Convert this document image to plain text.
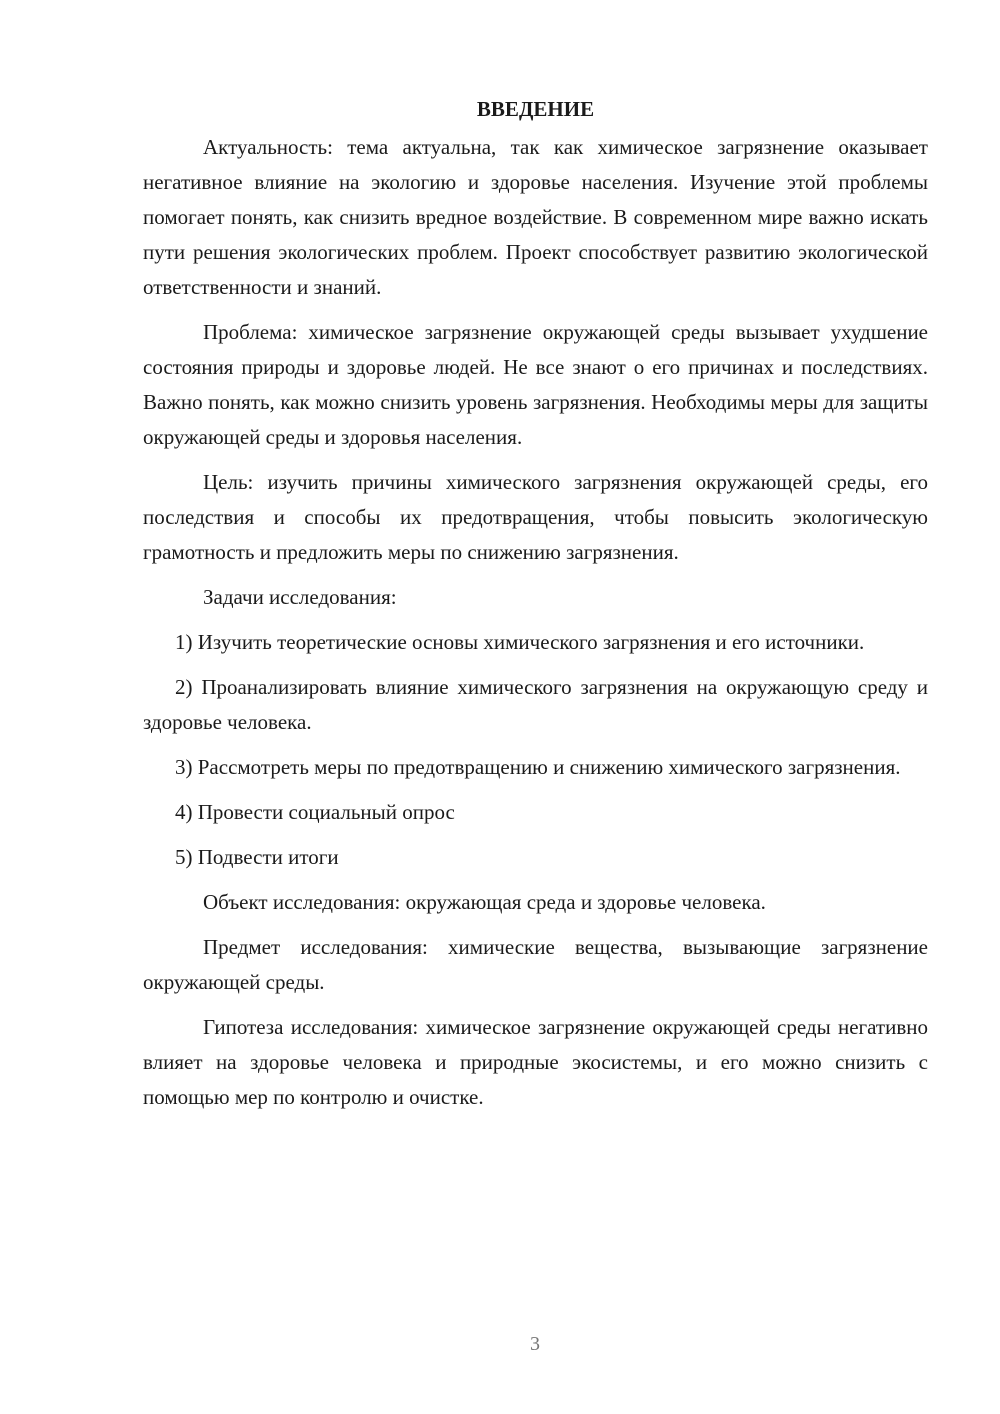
ВВЕДЕНИЕ

Актуальность: тема актуальна, так как химическое загрязнение оказывает негативное влияние на экологию и здоровье населения. Изучение этой проблемы помогает понять, как снизить вредное воздействие. В современном мире важно искать пути решения экологических проблем. Проект способствует развитию экологической ответственности и знаний.

Проблема: химическое загрязнение окружающей среды вызывает ухудшение состояния природы и здоровье людей. Не все знают о его причинах и последствиях. Важно понять, как можно снизить уровень загрязнения. Необходимы меры для защиты окружающей среды и здоровья населения.

Цель: изучить причины химического загрязнения окружающей среды, его последствия и способы их предотвращения, чтобы повысить экологическую грамотность и предложить меры по снижению загрязнения.

Задачи исследования:

1) Изучить теоретические основы химического загрязнения и его источники.

2) Проанализировать влияние химического загрязнения на окружающую среду и здоровье человека.

3) Рассмотреть меры по предотвращению и снижению химического загрязнения.

4) Провести социальный опрос

5) Подвести итоги

Объект исследования: окружающая среда и здоровье человека.

Предмет исследования: химические вещества, вызывающие загрязнение окружающей среды.

Гипотеза исследования: химическое загрязнение окружающей среды негативно влияет на здоровье человека и природные экосистемы, и его можно снизить с помощью мер по контролю и очистке.

3
